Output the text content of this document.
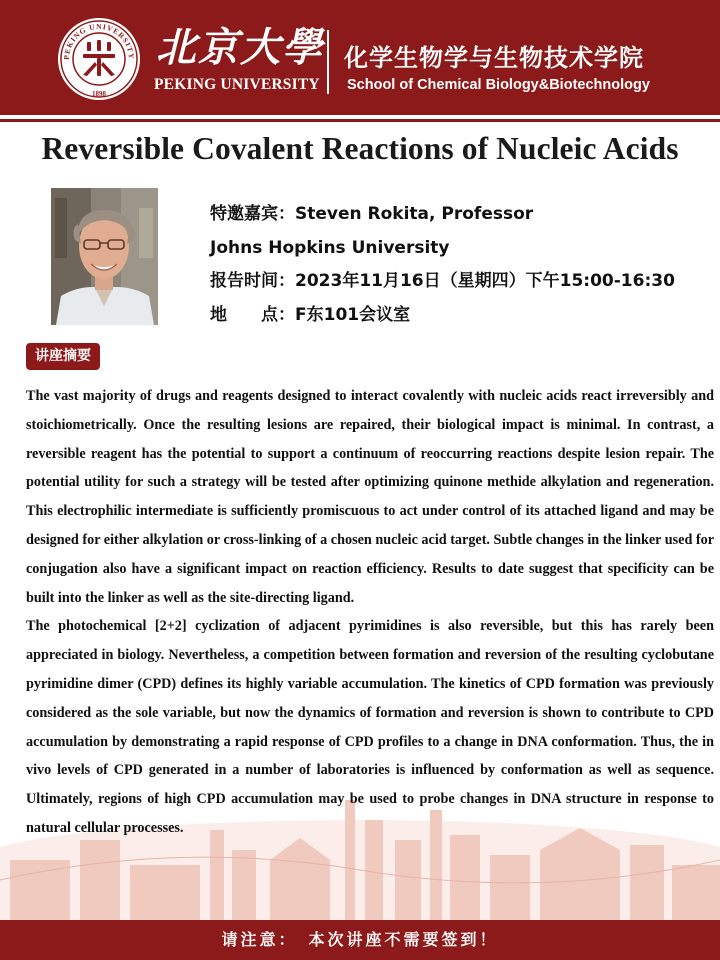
PEKING UNIVERSITY
1898
北京大學
PEKING UNIVERSITY
化学生物学与生物技术学院
School of Chemical Biology&Biotechnology
Reversible Covalent Reactions of Nucleic Acids
特邀嘉宾：Steven Rokita, Professor
Johns Hopkins University
报告时间：2023年11月16日（星期四）下午15:00-16:30
地　　点：F东101会议室
讲座摘要

The vast majority of drugs and reagents designed to interact covalently with nucleic acids react irreversibly and stoichiometrically. Once the resulting lesions are repaired, their biological impact is minimal. In contrast, a reversible reagent has the potential to support a continuum of reoccurring reactions despite lesion repair. The potential utility for such a strategy will be tested after optimizing quinone methide alkylation and regeneration. This electrophilic intermediate is sufficiently promiscuous to act under control of its attached ligand and may be designed for either alkylation or cross-linking of a chosen nucleic acid target. Subtle changes in the linker used for conjugation also have a significant impact on reaction efficiency. Results to date suggest that specificity can be built into the linker as well as the site-directing ligand.

The photochemical [2+2] cyclization of adjacent pyrimidines is also reversible, but this has rarely been appreciated in biology. Nevertheless, a competition between formation and reversion of the resulting cyclobutane pyrimidine dimer (CPD) defines its highly variable accumulation. The kinetics of CPD formation was previously considered as the sole variable, but now the dynamics of formation and reversion is shown to contribute to CPD accumulation by demonstrating a rapid response of CPD profiles to a change in DNA conformation. Thus, the in vivo levels of CPD generated in a number of laboratories is influenced by conformation as well as sequence. Ultimately, regions of high CPD accumulation may be used to probe changes in DNA structure in response to natural cellular processes.

请注意：　本次讲座不需要签到！
